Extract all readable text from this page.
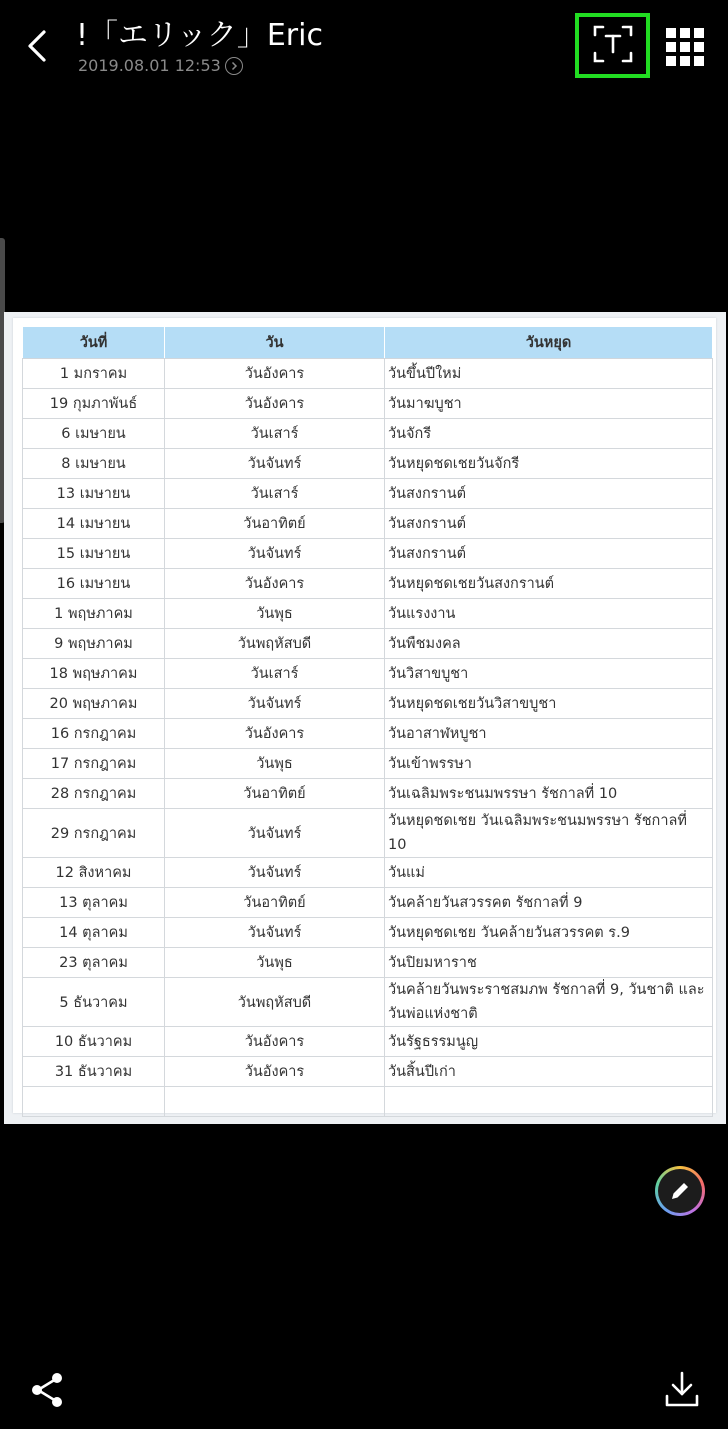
!「エリック」Eric
2019.08.01 12:53
วันที่	วัน	วันหยุด
1 มกราคม	วันอังคาร	วันขึ้นปีใหม่
19 กุมภาพันธ์	วันอังคาร	วันมาฆบูชา
6 เมษายน	วันเสาร์	วันจักรี
8 เมษายน	วันจันทร์	วันหยุดชดเชยวันจักรี
13 เมษายน	วันเสาร์	วันสงกรานต์
14 เมษายน	วันอาทิตย์	วันสงกรานต์
15 เมษายน	วันจันทร์	วันสงกรานต์
16 เมษายน	วันอังคาร	วันหยุดชดเชยวันสงกรานต์
1 พฤษภาคม	วันพุธ	วันแรงงาน
9 พฤษภาคม	วันพฤหัสบดี	วันพืชมงคล
18 พฤษภาคม	วันเสาร์	วันวิสาขบูชา
20 พฤษภาคม	วันจันทร์	วันหยุดชดเชยวันวิสาขบูชา
16 กรกฎาคม	วันอังคาร	วันอาสาฬหบูชา
17 กรกฎาคม	วันพุธ	วันเข้าพรรษา
28 กรกฎาคม	วันอาทิตย์	วันเฉลิมพระชนมพรรษา รัชกาลที่ 10
29 กรกฎาคม	วันจันทร์	วันหยุดชดเชย วันเฉลิมพระชนมพรรษา รัชกาลที่ 10
12 สิงหาคม	วันจันทร์	วันแม่
13 ตุลาคม	วันอาทิตย์	วันคล้ายวันสวรรคต รัชกาลที่ 9
14 ตุลาคม	วันจันทร์	วันหยุดชดเชย วันคล้ายวันสวรรคต ร.9
23 ตุลาคม	วันพุธ	วันปิยมหาราช
5 ธันวาคม	วันพฤหัสบดี	วันคล้ายวันพระราชสมภพ รัชกาลที่ 9, วันชาติ และวันพ่อแห่งชาติ
10 ธันวาคม	วันอังคาร	วันรัฐธรรมนูญ
31 ธันวาคม	วันอังคาร	วันสิ้นปีเก่า
